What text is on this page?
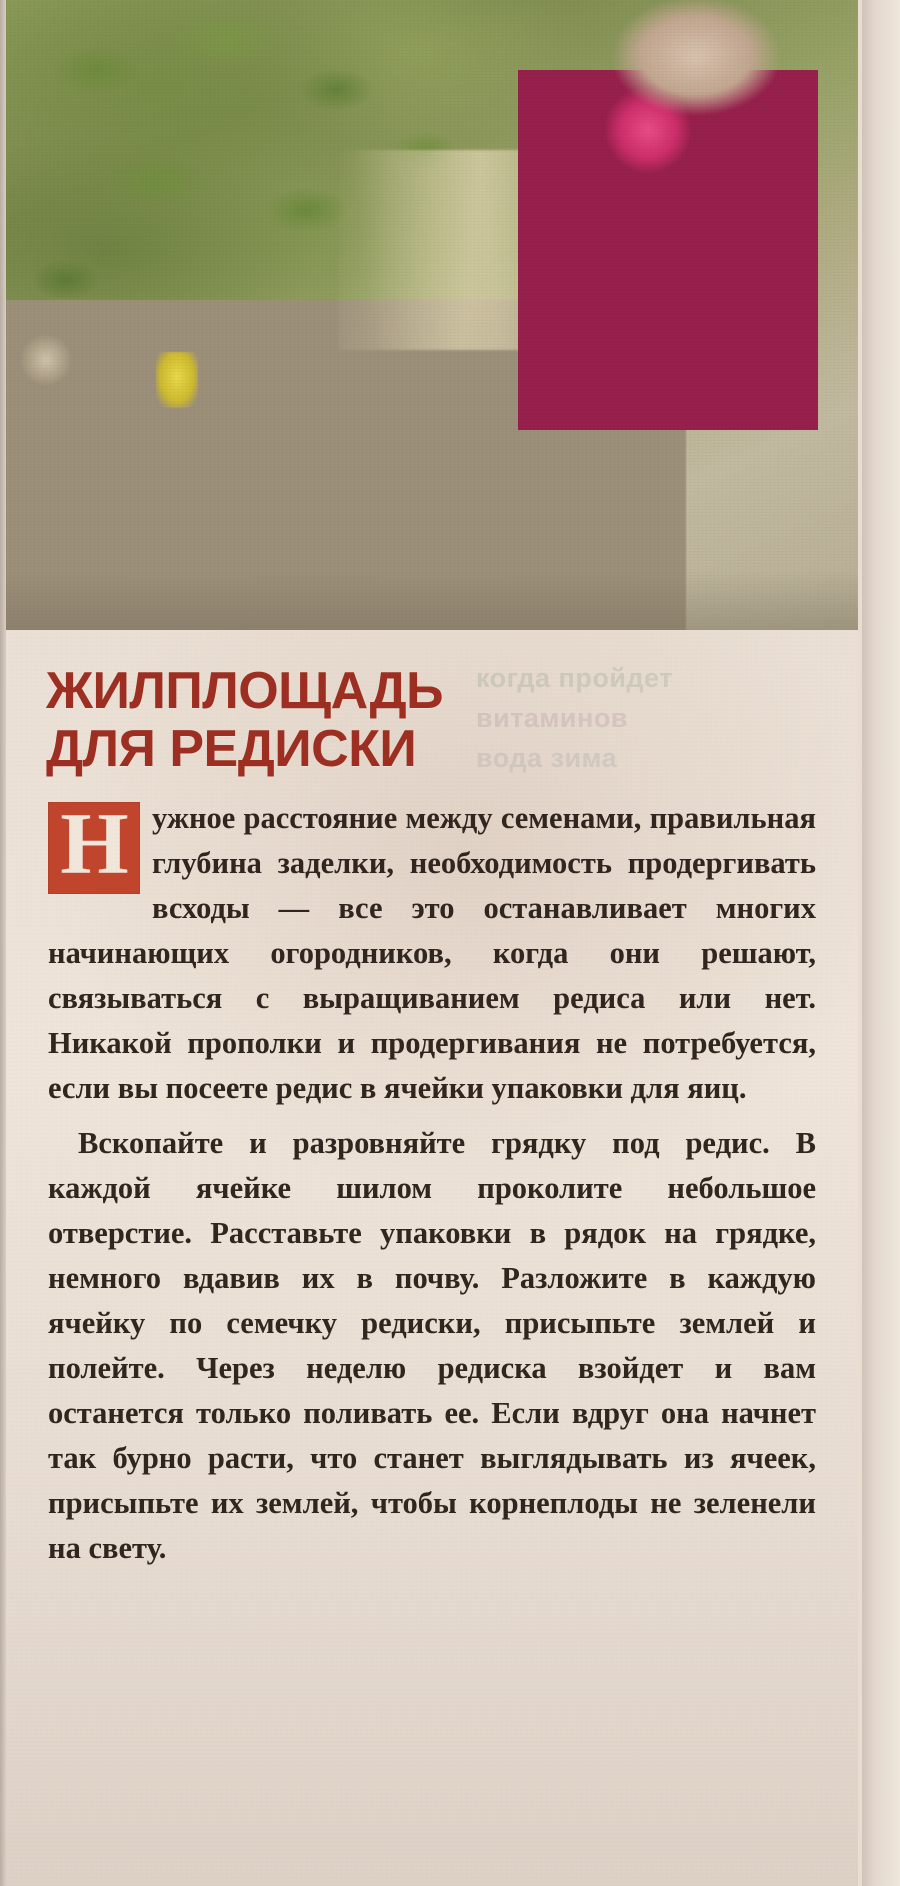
когда пройдет
витаминов
вода зима
ЖИЛПЛОЩАДЬ
ДЛЯ РЕДИСКИ

Н ужное расстояние между семенами, правильная глубина заделки, необходимость продергивать всходы — все это останавливает многих начинающих огородников, когда они решают, связываться с выращиванием редиса или нет. Никакой прополки и продергивания не потребуется, если вы посеете редис в ячейки упаковки для яиц.

Вскопайте и разровняйте грядку под редис. В каждой ячейке шилом проколите небольшое отверстие. Расставьте упаковки в рядок на грядке, немного вдавив их в почву. Разложите в каждую ячейку по семечку редиски, присыпьте землей и полейте. Через неделю редиска взойдет и вам останется только поливать ее. Если вдруг она начнет так бурно расти, что станет выглядывать из ячеек, присыпьте их землей, чтобы корнеплоды не зеленели на свету.
